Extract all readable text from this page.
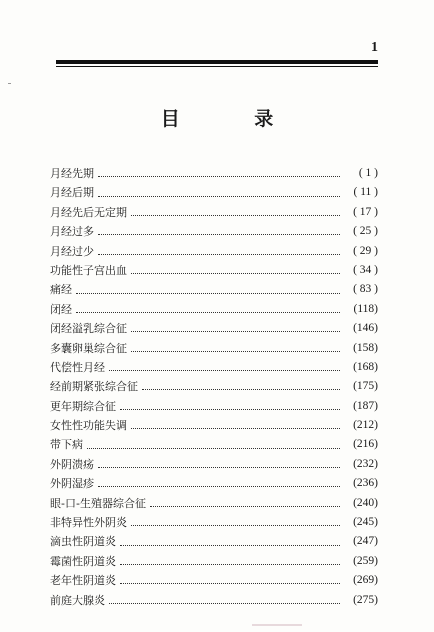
1
目 录
月经先期	( 1 )
月经后期	( 11 )
月经先后无定期	( 17 )
月经过多	( 25 )
月经过少	( 29 )
功能性子宫出血	( 34 )
痛经	( 83 )
闭经	(118)
闭经溢乳综合征	(146)
多囊卵巢综合征	(158)
代偿性月经	(168)
经前期紧张综合征	(175)
更年期综合征	(187)
女性性功能失调	(212)
带下病	(216)
外阴溃疡	(232)
外阴湿疹	(236)
眼-口-生殖器综合征	(240)
非特异性外阴炎	(245)
滴虫性阴道炎	(247)
霉菌性阴道炎	(259)
老年性阴道炎	(269)
前庭大腺炎	(275)
